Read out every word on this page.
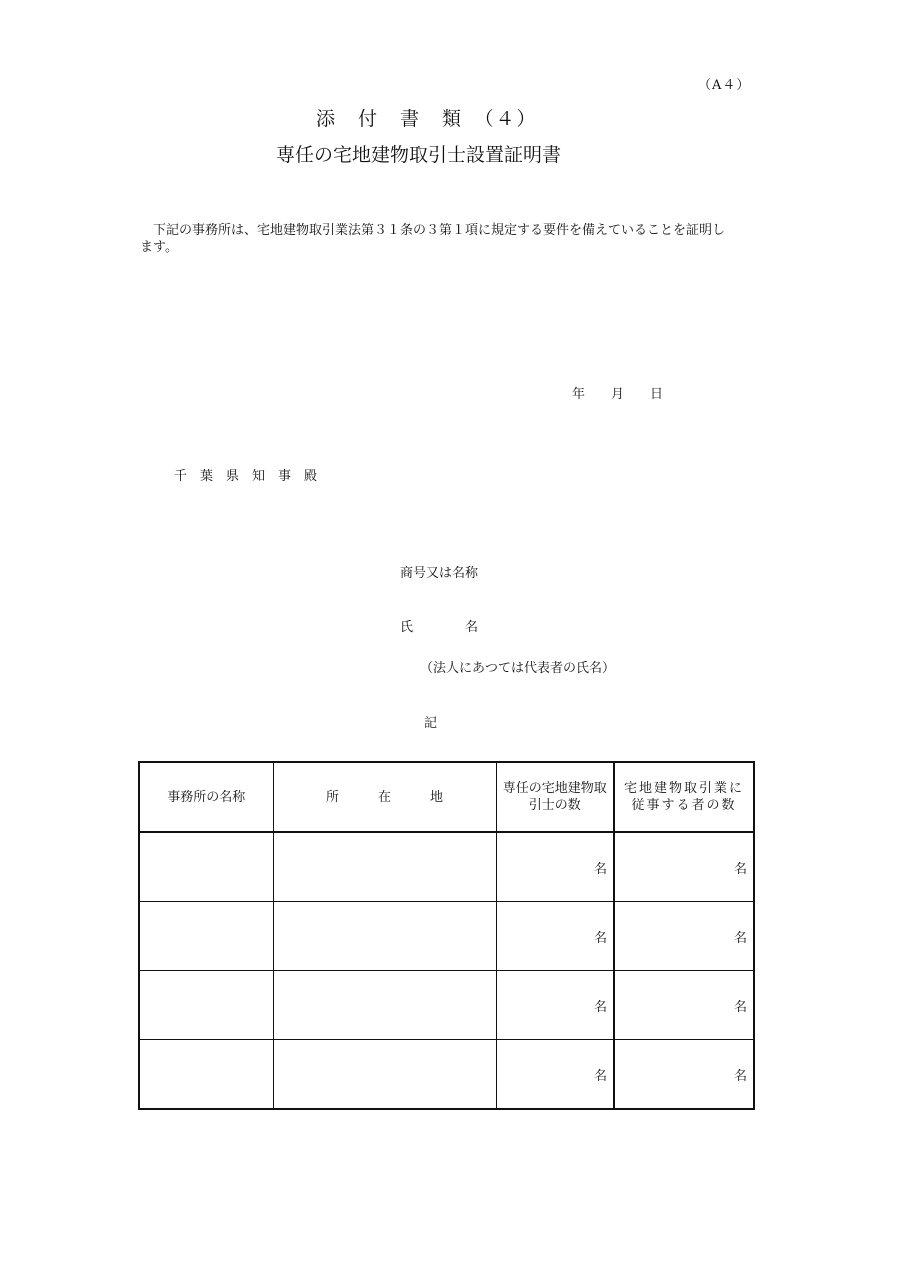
（A４）
添　付　書　類　（４）
専任の宅地建物取引士設置証明書
　下記の事務所は、宅地建物取引業法第３１条の３第１項に規定する要件を備えていることを証明します。
年　　月　　日
千　葉　県　知　事　殿
商号又は名称
氏　　　　名
（法人にあつては代表者の氏名）
記
事務所の名称	所　　　在　　　地	専任の宅地建物取引士の数	宅地建物取引業に従事する者の数
		名	名
		名	名
		名	名
		名	名
